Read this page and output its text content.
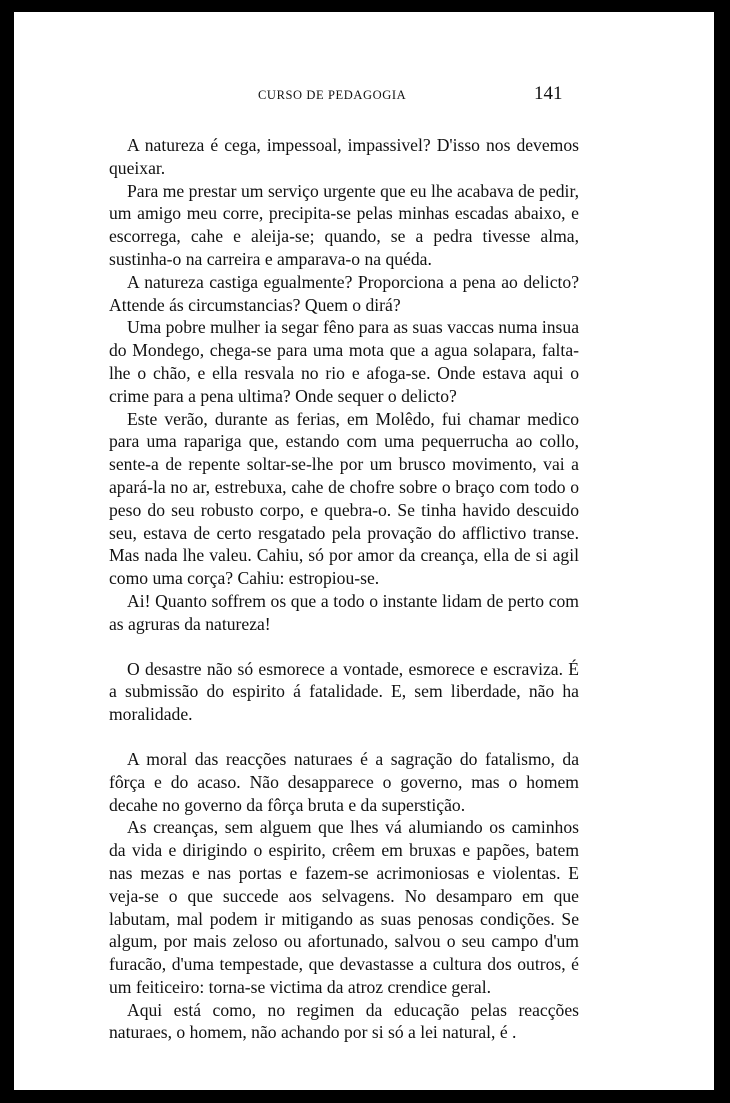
CURSO DE PEDAGOGIA	141

A natureza é cega, impessoal, impassivel? D'isso nos devemos queixar.

Para me prestar um serviço urgente que eu lhe acabava de pedir, um amigo meu corre, precipita-se pelas minhas escadas abaixo, e escorrega, cahe e aleija-se; quando, se a pedra tivesse alma, sustinha-o na carreira e amparava-o na quéda.

A natureza castiga egualmente? Proporciona a pena ao delicto? Attende ás circumstancias? Quem o dirá?

Uma pobre mulher ia segar fêno para as suas vaccas numa insua do Mondego, chega-se para uma mota que a agua solapara, falta-lhe o chão, e ella resvala no rio e afoga-se. Onde estava aqui o crime para a pena ultima? Onde sequer o delicto?

Este verão, durante as ferias, em Molêdo, fui chamar medico para uma rapariga que, estando com uma pequerrucha ao collo, sente-a de repente soltar-se-lhe por um brusco movimento, vai a apará-la no ar, estrebuxa, cahe de chofre sobre o braço com todo o peso do seu robusto corpo, e quebra-o. Se tinha havido descuido seu, estava de certo resgatado pela provação do afflictivo transe. Mas nada lhe valeu. Cahiu, só por amor da creança, ella de si agil como uma corça? Cahiu: estropiou-se.

Ai! Quanto soffrem os que a todo o instante lidam de perto com as agruras da natureza!

O desastre não só esmorece a vontade, esmorece e escraviza. É a submissão do espirito á fatalidade. E, sem liberdade, não ha moralidade.

A moral das reacções naturaes é a sagração do fatalismo, da fôrça e do acaso. Não desapparece o governo, mas o homem decahe no governo da fôrça bruta e da superstição.

As creanças, sem alguem que lhes vá alumiando os caminhos da vida e dirigindo o espirito, crêem em bruxas e papões, batem nas mezas e nas portas e fazem-se acrimoniosas e violentas. E veja-se o que succede aos selvagens. No desamparo em que labutam, mal podem ir mitigando as suas penosas condições. Se algum, por mais zeloso ou afortunado, salvou o seu campo d'um furacão, d'uma tempestade, que devastasse a cultura dos outros, é um feiticeiro: torna-se victima da atroz crendice geral.

Aqui está como, no regimen da educação pelas reacções naturaes, o homem, não achando por si só a lei natural, é .
